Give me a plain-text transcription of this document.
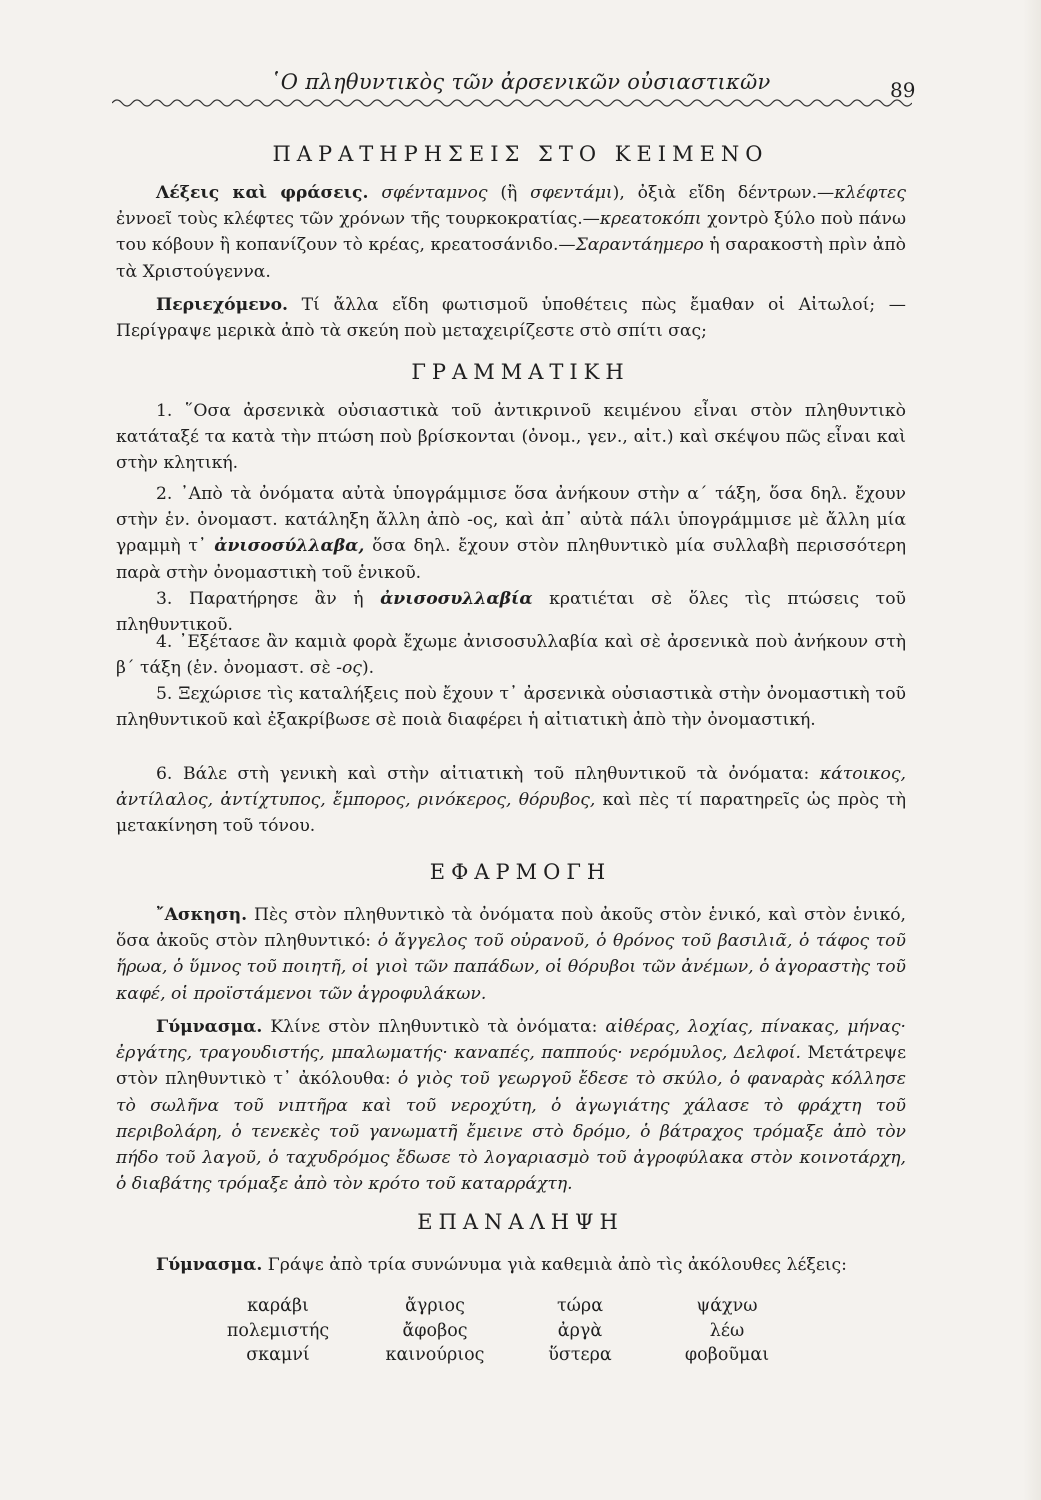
῾Ο πληθυντικὸς τῶν ἀρσενικῶν οὐσιαστικῶν	89
ΠΑΡΑΤΗΡΗΣΕΙΣ ΣΤΟ ΚΕΙΜΕΝΟ
Λέξεις καὶ φράσεις. σφένταμνος (ἢ σφεντάμι), ὀξιὰ εἴδη δέντρων.—κλέφτες ἐννοεῖ τοὺς κλέφτες τῶν χρόνων τῆς τουρκοκρατίας.—κρεατοκόπι χοντρὸ ξύλο ποὺ πάνω του κόβουν ἢ κοπανίζουν τὸ κρέας, κρεατοσάνιδο.—Σαραντάημερο ἡ σαρακοστὴ πρὶν ἀπὸ τὰ Χριστούγεννα.
Περιεχόμενο. Τί ἄλλα εἴδη φωτισμοῦ ὑποθέτεις πὼς ἔμαθαν οἱ Αἰτωλοί; —Περίγραψε μερικὰ ἀπὸ τὰ σκεύη ποὺ μεταχειρίζεστε στὸ σπίτι σας;
ΓΡΑΜΜΑΤΙΚΗ
1. ῞Οσα ἀρσενικὰ οὐσιαστικὰ τοῦ ἀντικρινοῦ κειμένου εἶναι στὸν πληθυντικὸ κατάταξέ τα κατὰ τὴν πτώση ποὺ βρίσκονται (ὀνομ., γεν., αἰτ.) καὶ σκέψου πῶς εἶναι καὶ στὴν κλητική.
2. ᾽Απὸ τὰ ὀνόματα αὐτὰ ὑπογράμμισε ὅσα ἀνήκουν στὴν α´ τάξη, ὅσα δηλ. ἔχουν στὴν ἑν. ὀνομαστ. κατάληξη ἄλλη ἀπὸ -ος, καὶ ἀπ᾽ αὐτὰ πάλι ὑπογράμμισε μὲ ἄλλη μία γραμμὴ τ᾽ ἀνισοσύλλαβα, ὅσα δηλ. ἔχουν στὸν πληθυντικὸ μία συλλαβὴ περισσότερη παρὰ στὴν ὀνομαστικὴ τοῦ ἑνικοῦ.
3. Παρατήρησε ἂν ἡ ἀνισοσυλλαβία κρατιέται σὲ ὅλες τὶς πτώσεις τοῦ πληθυντικοῦ.
4. ᾽Εξέτασε ἂν καμιὰ φορὰ ἔχωμε ἀνισοσυλλαβία καὶ σὲ ἀρσενικὰ ποὺ ἀνήκουν στὴ β´ τάξη (ἑν. ὀνομαστ. σὲ -ος).
5. Ξεχώρισε τὶς καταλήξεις ποὺ ἔχουν τ᾽ ἀρσενικὰ οὐσιαστικὰ στὴν ὀνομαστικὴ τοῦ πληθυντικοῦ καὶ ἐξακρίβωσε σὲ ποιὰ διαφέρει ἡ αἰτιατικὴ ἀπὸ τὴν ὀνομαστική.
6. Βάλε στὴ γενικὴ καὶ στὴν αἰτιατικὴ τοῦ πληθυντικοῦ τὰ ὀνόματα: κάτοικος, ἀντίλαλος, ἀντίχτυπος, ἔμπορος, ρινόκερος, θόρυβος, καὶ πὲς τί παρατηρεῖς ὡς πρὸς τὴ μετακίνηση τοῦ τόνου.
ΕΦΑΡΜΟΓΗ
῎Ασκηση. Πὲς στὸν πληθυντικὸ τὰ ὀνόματα ποὺ ἀκοῦς στὸν ἑνικό, καὶ στὸν ἑνικό, ὅσα ἀκοῦς στὸν πληθυντικό: ὁ ἄγγελος τοῦ οὐρανοῦ, ὁ θρόνος τοῦ βασιλιᾶ, ὁ τάφος τοῦ ἥρωα, ὁ ὕμνος τοῦ ποιητῆ, οἱ γιοὶ τῶν παπάδων, οἱ θόρυβοι τῶν ἀνέμων, ὁ ἀγοραστὴς τοῦ καφέ, οἱ προϊστάμενοι τῶν ἀγροφυλάκων.
Γύμνασμα. Κλίνε στὸν πληθυντικὸ τὰ ὀνόματα: αἰθέρας, λοχίας, πίνακας, μήνας· ἐργάτης, τραγουδιστής, μπαλωματής· καναπές, παππούς· νερόμυλος, Δελφοί. Μετάτρεψε στὸν πληθυντικὸ τ᾽ ἀκόλουθα: ὁ γιὸς τοῦ γεωργοῦ ἔδεσε τὸ σκύλο, ὁ φαναρὰς κόλλησε τὸ σωλῆνα τοῦ νιπτῆρα καὶ τοῦ νεροχύτη, ὁ ἀγωγιάτης χάλασε τὸ φράχτη τοῦ περιβολάρη, ὁ τενεκὲς τοῦ γανωματῆ ἔμεινε στὸ δρόμο, ὁ βάτραχος τρόμαξε ἀπὸ τὸν πήδο τοῦ λαγοῦ, ὁ ταχυδρόμος ἔδωσε τὸ λογαριασμὸ τοῦ ἀγροφύλακα στὸν κοινοτάρχη, ὁ διαβάτης τρόμαξε ἀπὸ τὸν κρότο τοῦ καταρράχτη.
ΕΠΑΝΑΛΗΨΗ
Γύμνασμα. Γράψε ἀπὸ τρία συνώνυμα γιὰ καθεμιὰ ἀπὸ τὶς ἀκόλουθες λέξεις:
καράβι
πολεμιστής
σκαμνί
ἄγριος
ἄφοβος
καινούριος
τώρα
ἀργὰ
ὕστερα
ψάχνω
λέω
φοβοῦμαι
